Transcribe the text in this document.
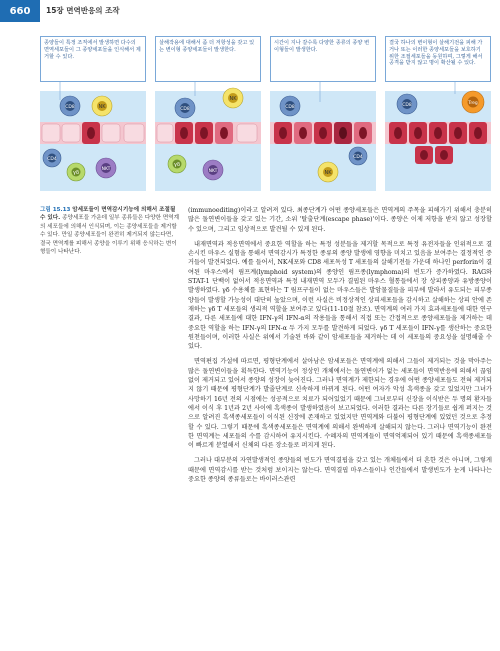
660	15장 면역반응의 조작
종양들이 특정 조직에서 발생하면 다수의 면역세포들이 그 종양세포들을 인식해서 제거할 수 있다.
CD8	NK
CD4
γδ
NKT
살해작용에 대해서 좀 더 저항성을 갖고 있는 변이형 종양세포들이 발생한다.
NK
CD8
γδ
NKT
시간이 지나 갈수록 다양한 종류의 종양 변이형들이 발생한다.
CD8
CD4
NK
결국 하나의 변이형이 살해기전을 피해 가거나 또는 이러한 종양세포들을 보호하기 위한 조절세포들을 동원하며, 그렇게 해서 공격을 받지 않고 명이 확산될 수 있다.
CD8	Treg
그림 15.13 암세포들이 면역감시기능에 의해서 조절될 수 있다. 종양세포들 가운데 일부 종류들은 다양한 면역계의 세포들에 의해서 인식되며, 이는 종양세포들을 제거할 수 있다. 만일 종양세포들이 완전히 제거되지 않는다면, 결국 면역계를 피해서 종양을 이루기 위해 응식하는 변이형들이 나타난다.

(immunoediting)이라고 알려져 있다. 최종단계가 어떤 종양세포들은 면역계의 주목을 피해가기 위해서 충분히 많은 돌연변이들을 갖고 있는 기간, 소위 '탈출단계(escape phase)'이다. 종양은 이제 저항을 받지 않고 성장할 수 있으며, 그리고 임상적으로 발견될 수 있게 된다.

내재면역과 적응면역에서 중요한 역할을 하는 특정 성분들을 제거할 목적으로 특정 유전자들을 인위적으로 결손시킨 마우스 실험을 통해서 면역감시가 특정한 종류의 종양 발생에 영향을 미치고 있음을 보여주는 결정적인 증거들이 발견되었다. 예를 들어서, NK세포와 CD8 세포독성 T 세포들의 살해기전들 가운데 하나인 perforin이 결여된 마우스에서 림프계(lymphoid system)의 종양인 림프종(lymphoma)의 빈도가 증가하였다. RAG와 STAT-1 단백이 없어서 적응면역과 특정 내재면역 모두가 결핍된 마우스 혈통들에서 장 상피종양과 유방종양이 발생하였다. γδ 수용체를 표현하는 T 림프구들이 없는 마우스들은 발암물질들을 피부에 발라서 유도되는 피부종양들이 발생할 가능성이 대단히 높았으며, 이런 사실은 비정상적인 상피세포들을 감시하고 살해하는 상피 안에 존재하는 γδ T 세포들의 생리적 역할을 보여주고 있다(11-10절 참조). 면역계의 여러 가지 효과세포들에 대한 연구결과, 다른 세포들에 대한 IFN-γ의 IFN-α의 작용들을 통해서 직접 또는 간접적으로 종양세포들을 제거하는 데 중요한 역할을 하는 IFN-γ의 IFN-α 두 가지 모두를 발견하게 되었다. γδ T 세포들이 IFN-γ를 생산하는 중요한 원천들이며, 이러한 사실은 위에서 기술된 바와 같이 암세포들을 제거하는 데 이 세포들의 중요성을 설명해줄 수 있다.

면역편집 가설에 따르면, 평형단계에서 살아남은 암세포들은 면역계에 의해서 그들이 제거되는 것을 막아주는 많은 돌연변이들을 획득한다. 면역기능이 정상인 개체에서는 돌연변이가 없는 세포들이 면역반응에 의해서 끊임없이 제거되고 있어서 종양의 성장이 늦어진다. 그러나 면역계가 제한되는 경우에 어떤 종양세포들도 전혀 제거되지 않기 때문에 평형단계가 발줄단계로 신속하게 바뀌게 된다. 어떤 여자가 악성 흑색종을 갖고 있었지만 그녀가 사망하기 16년 전의 시점에는 성공적으로 치료가 되어있었기 때문에 그녀로부터 신장을 이식받은 두 명의 환자들에서 이식 후 1년과 2년 사이에 흑색종이 발생하였음이 보고되었다. 이러한 결과는 다른 장기들로 쉽게 퍼지는 것으로 알려진 흑색종세포들이 이식된 신장에 존재하고 있었지만 면역계와 더불어 평형단계에 있었던 것으로 추정할 수 있다. 그렇기 때문에 흑색종세포들은 면역계에 의해서 완벽하게 살해되지 않는다. 그러나 면역기능이 완전한 면역계는 세포들의 수를 감시하여 유지시킨다. 수혜자의 면역계들이 면역억제되어 있기 때문에 흑색종세포들이 빠르게 분열해서 신체의 다른 장소들로 퍼지게 된다.

그러나 대부분의 자연발생적인 종양들의 빈도가 면역결핍을 갖고 있는 개체들에서 더 흔한 것은 아니며, 그렇게 때문에 면역감시를 받는 것처럼 보이지는 않는다. 면역결핍 마우스들이나 인간들에서 발생빈도가 눈게 나타나는 중요한 종양의 종류들로는 바이러스관련
